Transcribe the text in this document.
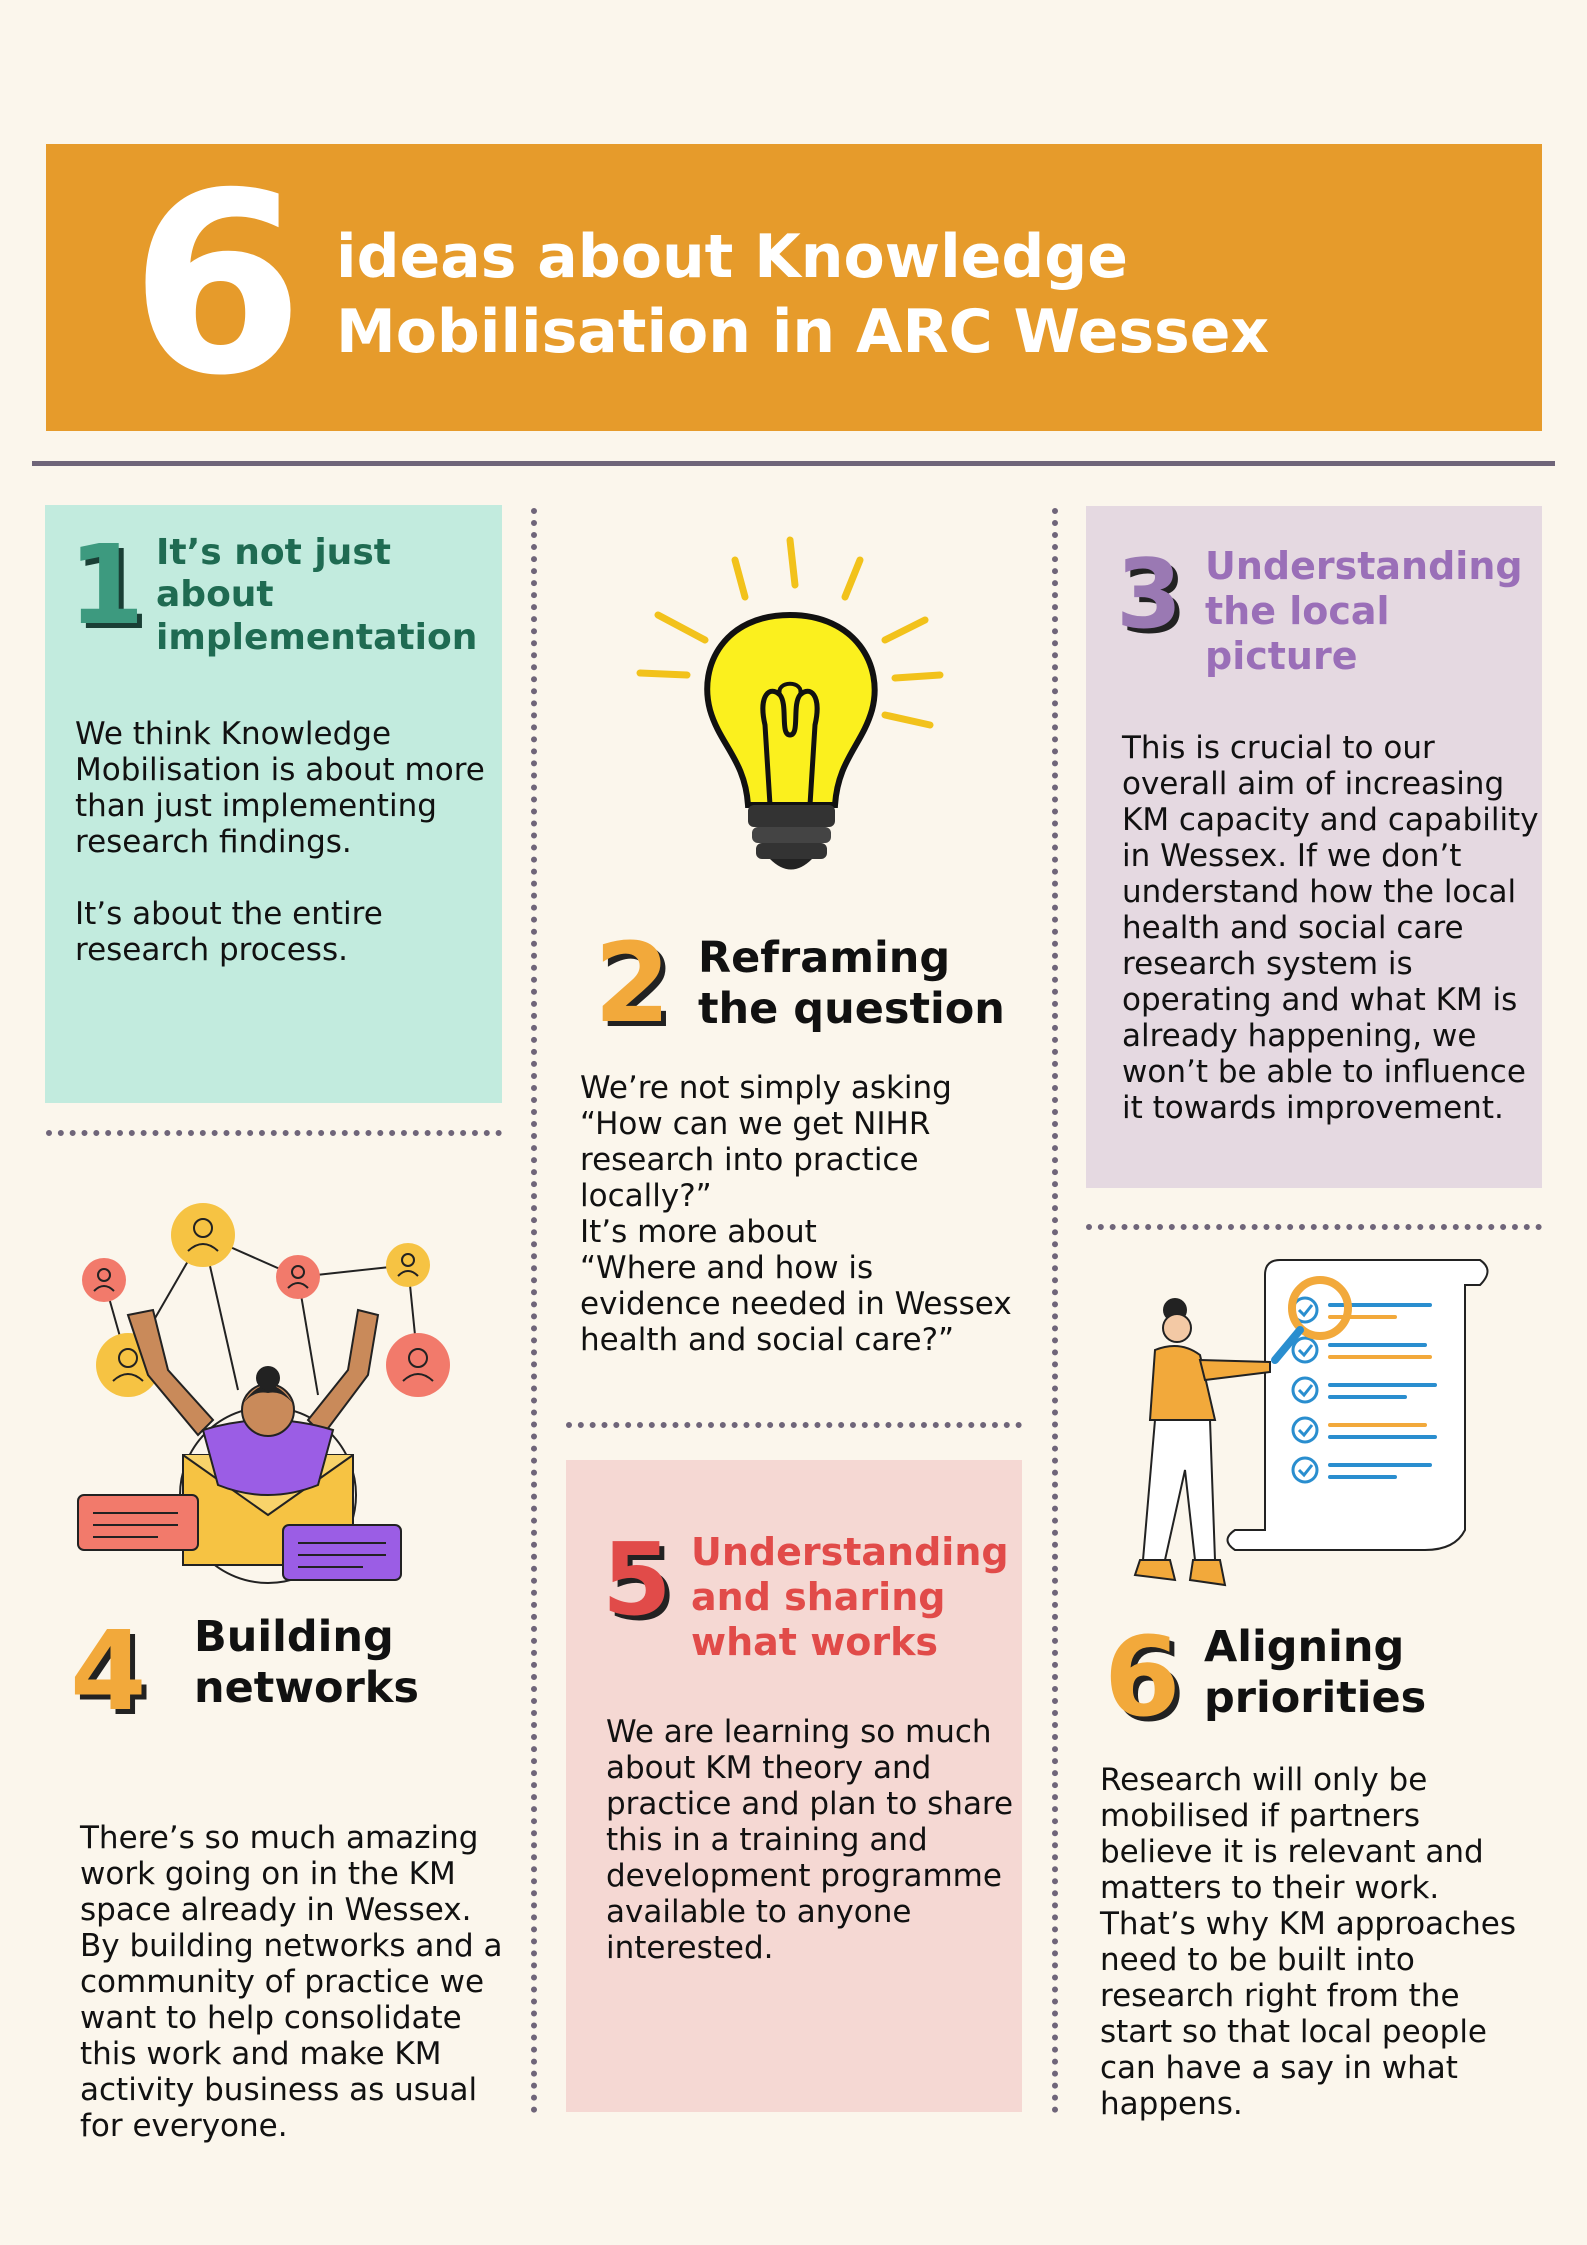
6 ideas about Knowledge
Mobilisation in ARC Wessex
1 It’s not just about implementation
We think Knowledge Mobilisation is about more than just implementing research findings.

It’s about the entire research process.	2 Reframing the question
We’re not simply asking
“How can we get NIHR research into practice locally?”
It’s more about
“Where and how is evidence needed in Wessex health and social care?”
3 Understanding the local picture
This is crucial to our overall aim of increasing KM capacity and capability in Wessex. If we don’t understand how the local health and social care research system is operating and what KM is already happening, we won’t be able to influence it towards improvement.
4 Building networks
There’s so much amazing work going on in the KM space already in Wessex. By building networks and a community of practice we want to help consolidate this work and make KM activity business as usual for everyone.
5 Understanding and sharing what works
We are learning so much about KM theory and practice and plan to share this in a training and development programme available to anyone interested.
6 Aligning priorities
Research will only be mobilised if partners believe it is relevant and matters to their work. That’s why KM approaches need to be built into research right from the start so that local people can have a say in what happens.
